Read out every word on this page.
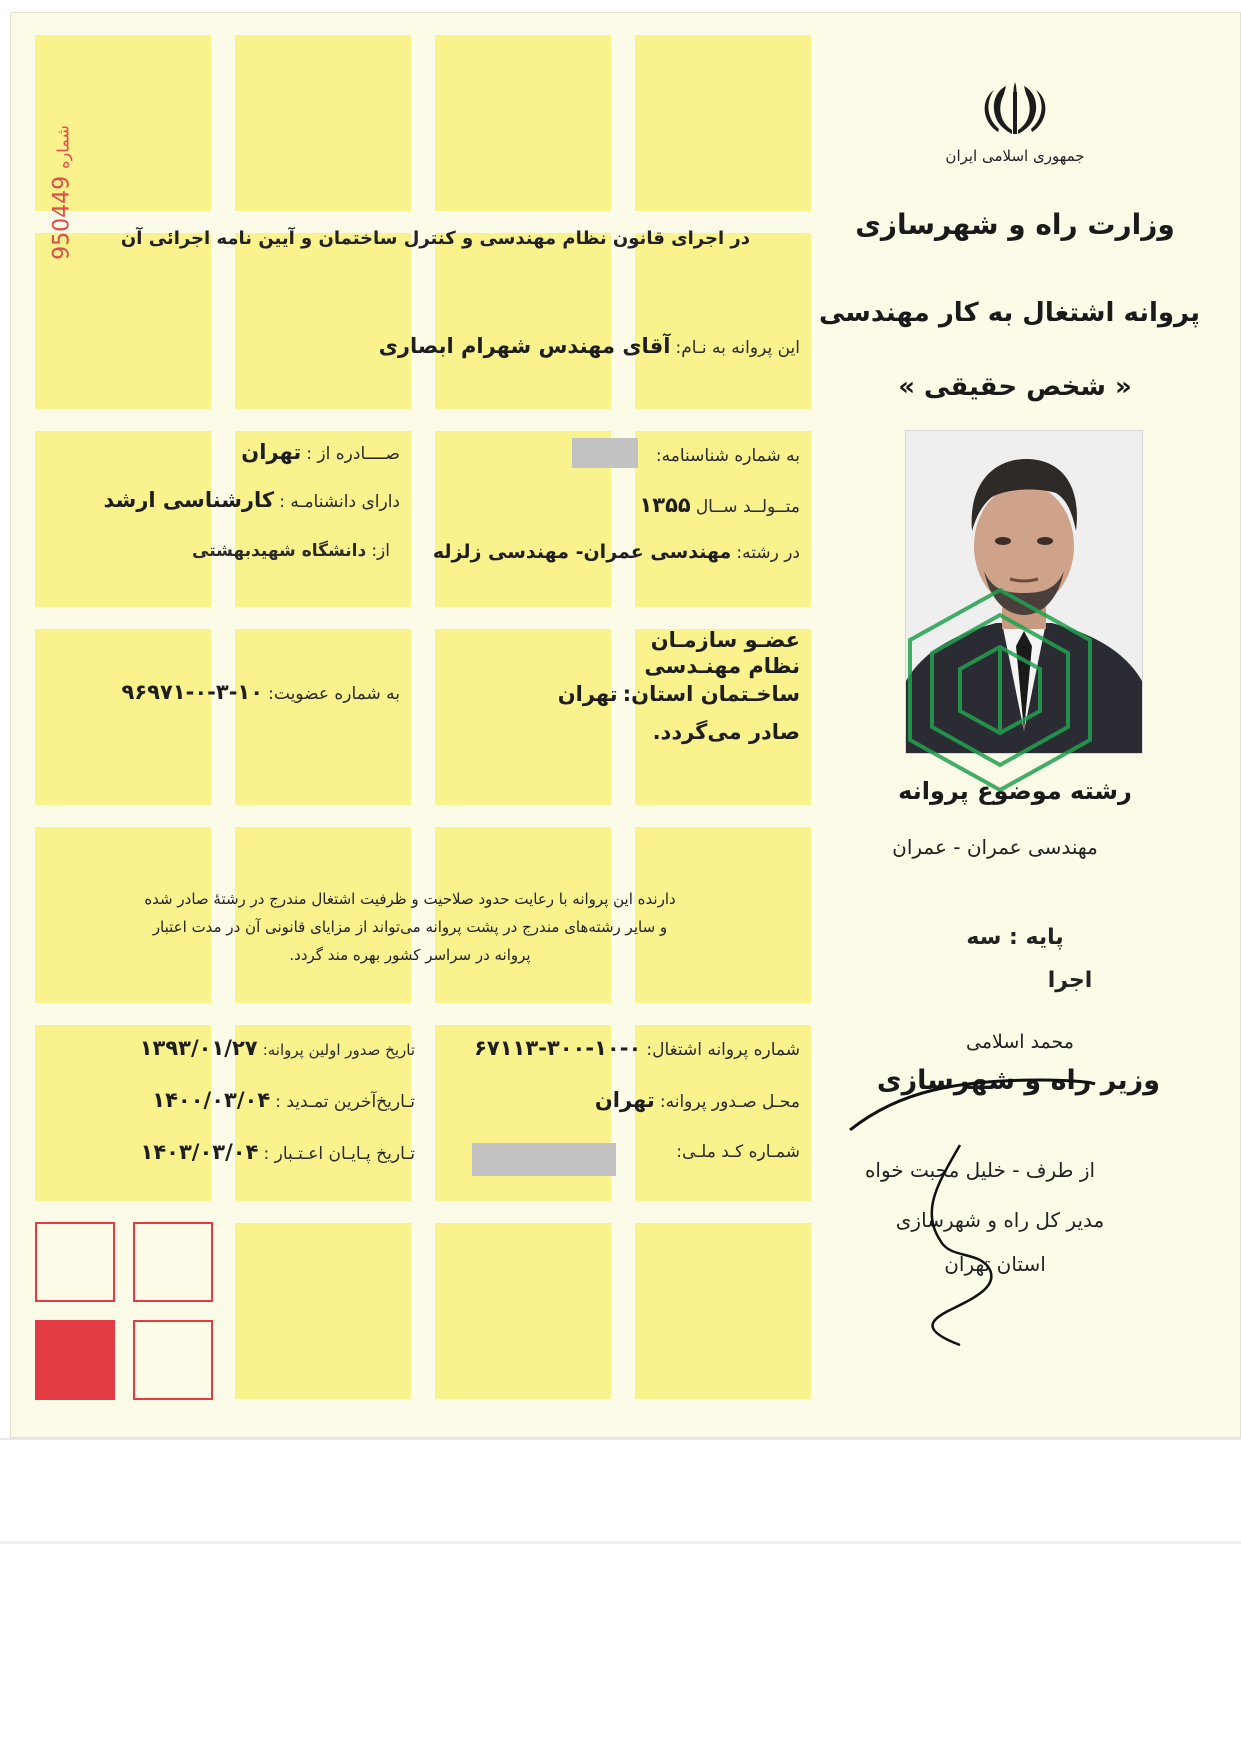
شماره 950449
جمهوری اسلامی ایران
وزارت راه و شهرسازی
پروانه اشتغال به کار مهندسی
« شخص حقیقی »
رشته موضوع پروانه
مهندسی عمران - عمران
پایه : سه
اجرا
محمد اسلامی
وزیر راه و شهرسازی
از طرف - خلیل محبت خواه
مدیر کل راه و شهرسازی
استان تهران
در اجرای قانون نظام مهندسی و کنترل ساختمان و آیین نامه اجرائی آن
این پروانه به نـام: آقای مهندس شهرام ابصاری
به شماره شناسنامه:
صــــادره از : تهران
متــولــد ســال ۱۳۵۵
دارای دانشنامـه : کارشناسی ارشد
در رشته: مهندسی عمران- مهندسی زلزله
از: دانشگاه شهیدبهشتی
عضـو سازمـان
نظام مهنـدسی
ساخـتمان استان: تهران
صادر می‌گردد.
به شماره عضویت: ۱۰-۳-۰-۹۶۹۷۱
دارنده این پروانه با رعایت حدود صلاحیت و ظرفیت اشتغال مندرج در رشتهٔ صادر شده
و سایر رشته‌های مندرج در پشت پروانه می‌تواند از مزایای قانونی آن در مدت اعتبار
پروانه در سراسر کشور بهره مند گردد.
شماره پروانه اشتغال: ۰-۱۰-۳۰۰-۶۷۱۱۳
تاریخ صدور اولین پروانه: ۱۳۹۳/۰۱/۲۷
محـل صـدور پروانه: تهران
تـاریخ‌آخرین تمـدید : ۱۴۰۰/۰۳/۰۴
شمـاره کـد ملـی:
تـاریخ پـایـان اعـتـبار : ۱۴۰۳/۰۳/۰۴
